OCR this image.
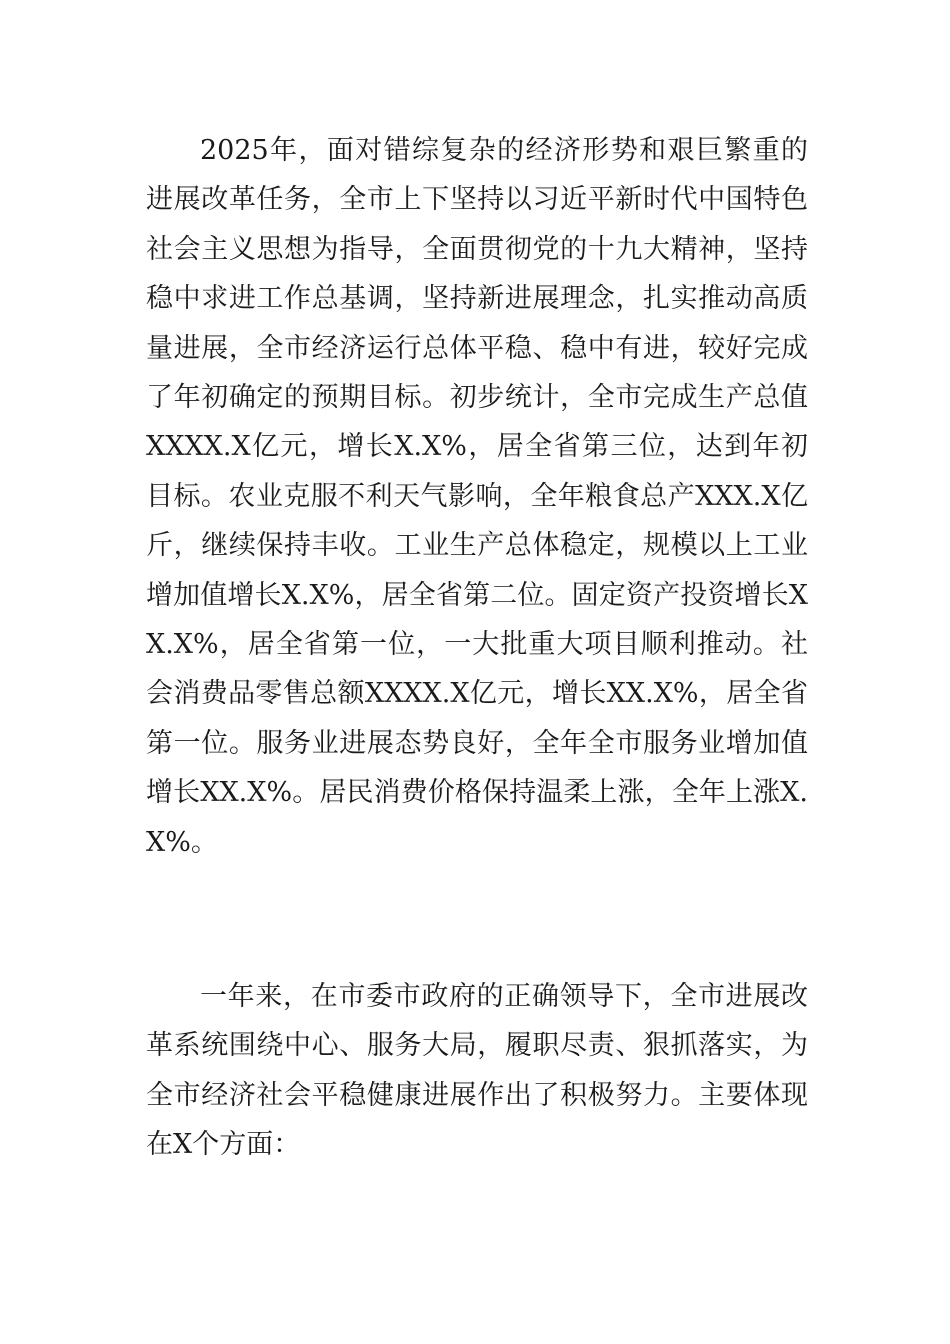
2025年，面对错综复杂的经济形势和艰巨繁重的进展改革任务，全市上下坚持以习近平新时代中国特色社会主义思想为指导，全面贯彻党的十九大精神，坚持稳中求进工作总基调，坚持新进展理念，扎实推动高质量进展，全市经济运行总体平稳、稳中有进，较好完成了年初确定的预期目标。初步统计，全市完成生产总值XXXX.X亿元，增长X.X%，居全省第三位，达到年初目标。农业克服不利天气影响，全年粮食总产XXX.X亿斤，继续保持丰收。工业生产总体稳定，规模以上工业增加值增长X.X%，居全省第二位。固定资产投资增长XX.X%，居全省第一位，一大批重大项目顺利推动。社会消费品零售总额XXXX.X亿元，增长XX.X%，居全省第一位。服务业进展态势良好，全年全市服务业增加值增长XX.X%。居民消费价格保持温柔上涨，全年上涨X.X%。

一年来，在市委市政府的正确领导下，全市进展改革系统围绕中心、服务大局，履职尽责、狠抓落实，为全市经济社会平稳健康进展作出了积极努力。主要体现在X个方面：
